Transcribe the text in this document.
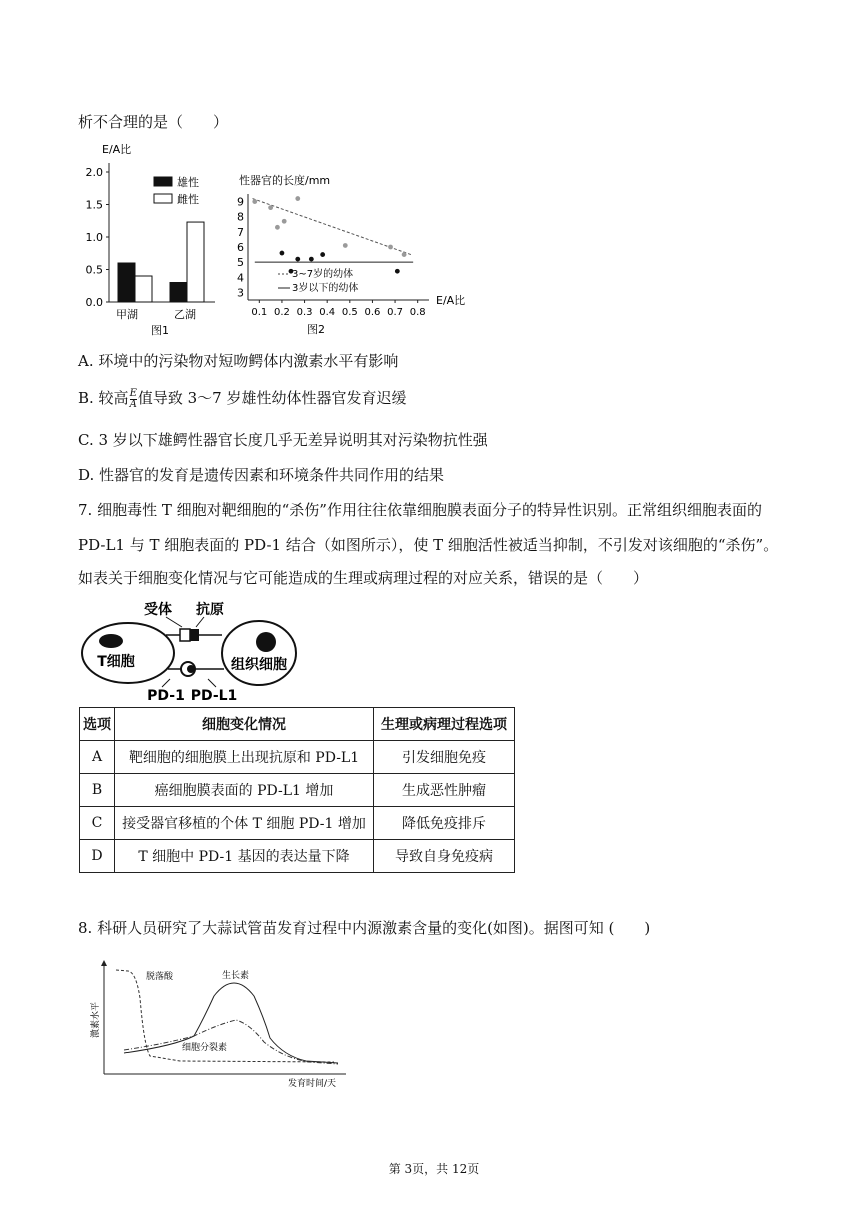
析不合理的是（　　）
E/A比
2.0
1.5
1.0
0.5
0.0
雄性
雌性
甲湖	乙湖
图1
性器官的长度/mm
9
8
7
6
5
4
3
0.1 0.2 0.3 0.4 0.5 0.6 0.7 0.8
3~7岁的幼体
3岁以下的幼体
E/A比
图2
A. 环境中的污染物对短吻鳄体内激素水平有影响
B. 较高 $\frac{E}{A}$ 值导致 3～7 岁雄性幼体性器官发育迟缓
C. 3 岁以下雄鳄性器官长度几乎无差异说明其对污染物抗性强
D. 性器官的发育是遗传因素和环境条件共同作用的结果
7. 细胞毒性 T 细胞对靶细胞的“杀伤”作用往往依靠细胞膜表面分子的特异性识别。正常组织细胞表面的
PD-L1 与 T 细胞表面的 PD-1 结合（如图所示），使 T 细胞活性被适当抑制，不引发对该细胞的“杀伤”。
如表关于细胞变化情况与它可能造成的生理或病理过程的对应关系，错误的是（　　）
受体 抗原
T细胞	组织细胞
PD-1 PD-L1
选项	细胞变化情况	生理或病理过程选项
A	靶细胞的细胞膜上出现抗原和 PD-L1	引发细胞免疫
B	癌细胞膜表面的 PD-L1 增加	生成恶性肿瘤
C	接受器官移植的个体 T 细胞 PD-1 增加	降低免疫排斥
D	T 细胞中 PD-1 基因的表达量下降	导致自身免疫病
8. 科研人员研究了大蒜试管苗发育过程中内源激素含量的变化(如图)。据图可知 (　　)
激素水平
发育时间/天
脱落酸	生长素
细胞分裂素
第 3页，共 12页
